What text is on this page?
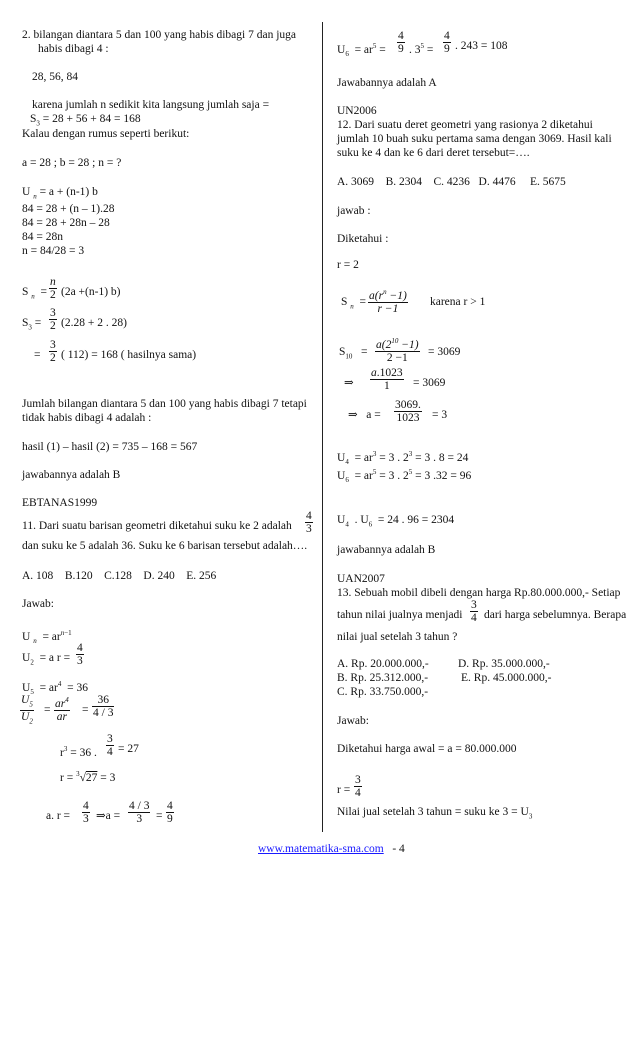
2. bilangan diantara 5 dan 100 yang habis dibagi 7 dan juga
habis dibagi 4 :
28, 56, 84
karena jumlah n sedikit kita langsung jumlah saja =
$S_3 = 28 + 56 + 84 = 168$
Kalau dengan rumus seperti berikut:
a = 28 ; b = 28 ; n = ?
U $_n$ = a + (n-1) b
84 = 28 + (n – 1).28
84 = 28 + 28n – 28
84 = 28n
n = 84/28 = 3
S $_n = \frac{n}{2} (2a +(n-1)$ b)
$S_3 = \frac{3}{2} (2.28 + 2$ . 28)
= $\frac{3}{2}$ ( 112) = 168 ( hasilnya sama)
Jumlah bilangan diantara 5 dan 100 yang habis dibagi 7 tetapi
tidak habis dibagi 4 adalah :
hasil (1) – hasil (2) = 735 – 168 = 567
jawabannya adalah B
EBTANAS1999
11. Dari suatu barisan geometri diketahui suku ke 2 adalah $\frac{4}{3}$
dan suku ke 5 adalah 36. Suku ke 6 barisan tersebut adalah….
A. 108 B.120 C.128 D. 240 E. 256
Jawab:
U $_n = ar^{n-1}$
$U_2 = a$ $r = \frac{4}{3}$
$U_5 = ar^4 = 36$
$\frac{U_5}{U_2} = \frac{ar^4}{ar} = \frac{36}{4 / 3}$
$r^3 = 36$ . $\frac{3}{4} = 27$
r = $^3$√27 = 3
a. $r = \frac{4}{3}$ ⇒a = $\frac{4 / 3}{3} = \frac{4}{9}$
$U_6 = ar^5 = \frac{4}{9}$ . $3^5 = \frac{4}{9}$ . 243 = 108
Jawabannya adalah A
UN2006
12. Dari suatu deret geometri yang rasionya 2 diketahui
jumlah 10 buah suku pertama sama dengan 3069. Hasil kali
suku ke 4 dan ke 6 dari deret tersebut=….
A. 3069 B. 2304 C. 4236 D. 4476 E. 5675
jawab :
Diketahui :
r = 2
S $_n = \frac{a(r^n -1)}{r -1}$ karena r > 1
$S_{10} = \frac{a(2^{10} -1)}{2 -1} = 3069$
⇒ $\frac{a.1023}{1} = 3069$
⇒   $a = \frac{3069.}{1023} = 3$
$U_4 = ar^3 = 3$ . $2^3 = 3$ . 8 = 24
$U_6 = ar^5 = 3$ . $2^5 = 3$ .32 = 96
$U_4$  . $U_6 = 24$ . 96 = 2304
jawabannya adalah B
UAN2007
13. Sebuah mobil dibeli dengan harga Rp.80.000.000,- Setiap
tahun nilai jualnya menjadi $\frac{3}{4}$ dari harga sebelumnya. Berapa
nilai jual setelah 3 tahun ?
A. Rp. 20.000.000,-	D. Rp. 35.000.000,-
B. Rp. 25.312.000,-	E. Rp. 45.000.000,-
C. Rp. 33.750.000,-
Jawab:
Diketahui harga awal = a = 80.000.000
$r = \frac{3}{4}$
Nilai jual setelah 3 tahun = suku ke $3 = U_3$
www.matematika-sma.com - 4
